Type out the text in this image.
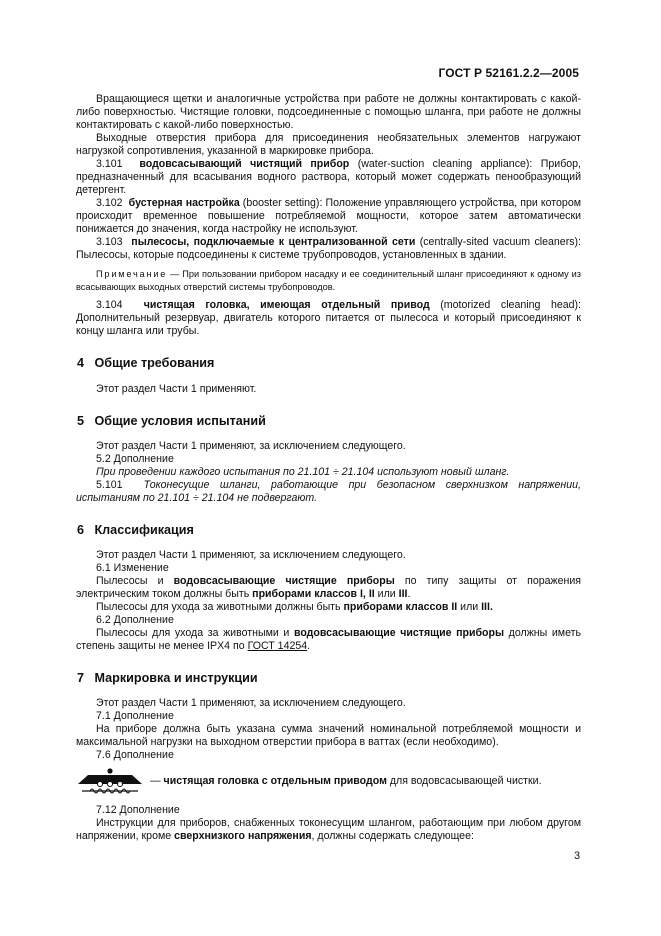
ГОСТ Р 52161.2.2—2005

Вращающиеся щетки и аналогичные устройства при работе не должны контактировать с какой-либо поверхностью. Чистящие головки, подсоединенные с помощью шланга, при работе не должны контактировать с какой-либо поверхностью.

Выходные отверстия прибора для присоединения необязательных элементов нагружают нагрузкой сопротивления, указанной в маркировке прибора.

3.101 водовсасывающий чистящий прибор (water-suction cleaning appliance): Прибор, предназначенный для всасывания водного раствора, который может содержать пенообразующий детергент.

3.102 бустерная настройка (booster setting): Положение управляющего устройства, при котором происходит временное повышение потребляемой мощности, которое затем автоматически понижается до значения, когда настройку не используют.

3.103 пылесосы, подключаемые к централизованной сети (centrally-sited vacuum cleaners): Пылесосы, которые подсоединены к системе трубопроводов, установленных в здании.

Примечание — При пользовании прибором насадку и ее соединительный шланг присоединяют к одному из всасывающих выходных отверстий системы трубопроводов.

3.104 чистящая головка, имеющая отдельный привод (motorized cleaning head): Дополнительный резервуар, двигатель которого питается от пылесоса и который присоединяют к концу шланга или трубы.

4 Общие требования

Этот раздел Части 1 применяют.

5 Общие условия испытаний

Этот раздел Части 1 применяют, за исключением следующего.

5.2 Дополнение

При проведении каждого испытания по 21.101 ÷ 21.104 используют новый шланг.

5.101 Токонесущие шланги, работающие при безопасном сверхнизком напряжении, испытаниям по 21.101 ÷ 21.104 не подвергают.

6 Классификация

Этот раздел Части 1 применяют, за исключением следующего.

6.1 Изменение

Пылесосы и водовсасывающие чистящие приборы по типу защиты от поражения электрическим током должны быть приборами классов I, II или III.

Пылесосы для ухода за животными должны быть приборами классов II или III.

6.2 Дополнение

Пылесосы для ухода за животными и водовсасывающие чистящие приборы должны иметь степень защиты не менее IPX4 по ГОСТ 14254.

7 Маркировка и инструкции

Этот раздел Части 1 применяют, за исключением следующего.

7.1 Дополнение

На приборе должна быть указана сумма значений номинальной потребляемой мощности и максимальной нагрузки на выходном отверстии прибора в ваттах (если необходимо).

7.6 Дополнение

— чистящая головка с отдельным приводом для водовсасывающей чистки.

7.12 Дополнение

Инструкции для приборов, снабженных токонесущим шлангом, работающим при любом другом напряжении, кроме сверхнизкого напряжения, должны содержать следующее:

3
